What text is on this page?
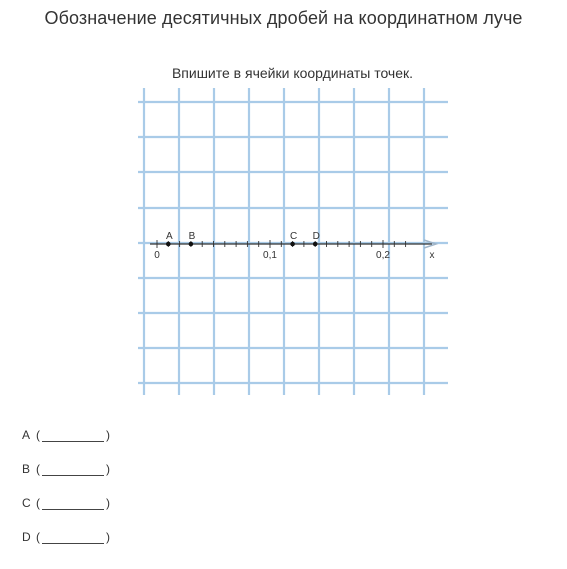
Обозначение десятичных дробей на координатном луче
Впишите в ячейки координаты точек.
0	0,1	0,2	x
A B	C D
A (	)
B (	)
C (	)
D (	)
